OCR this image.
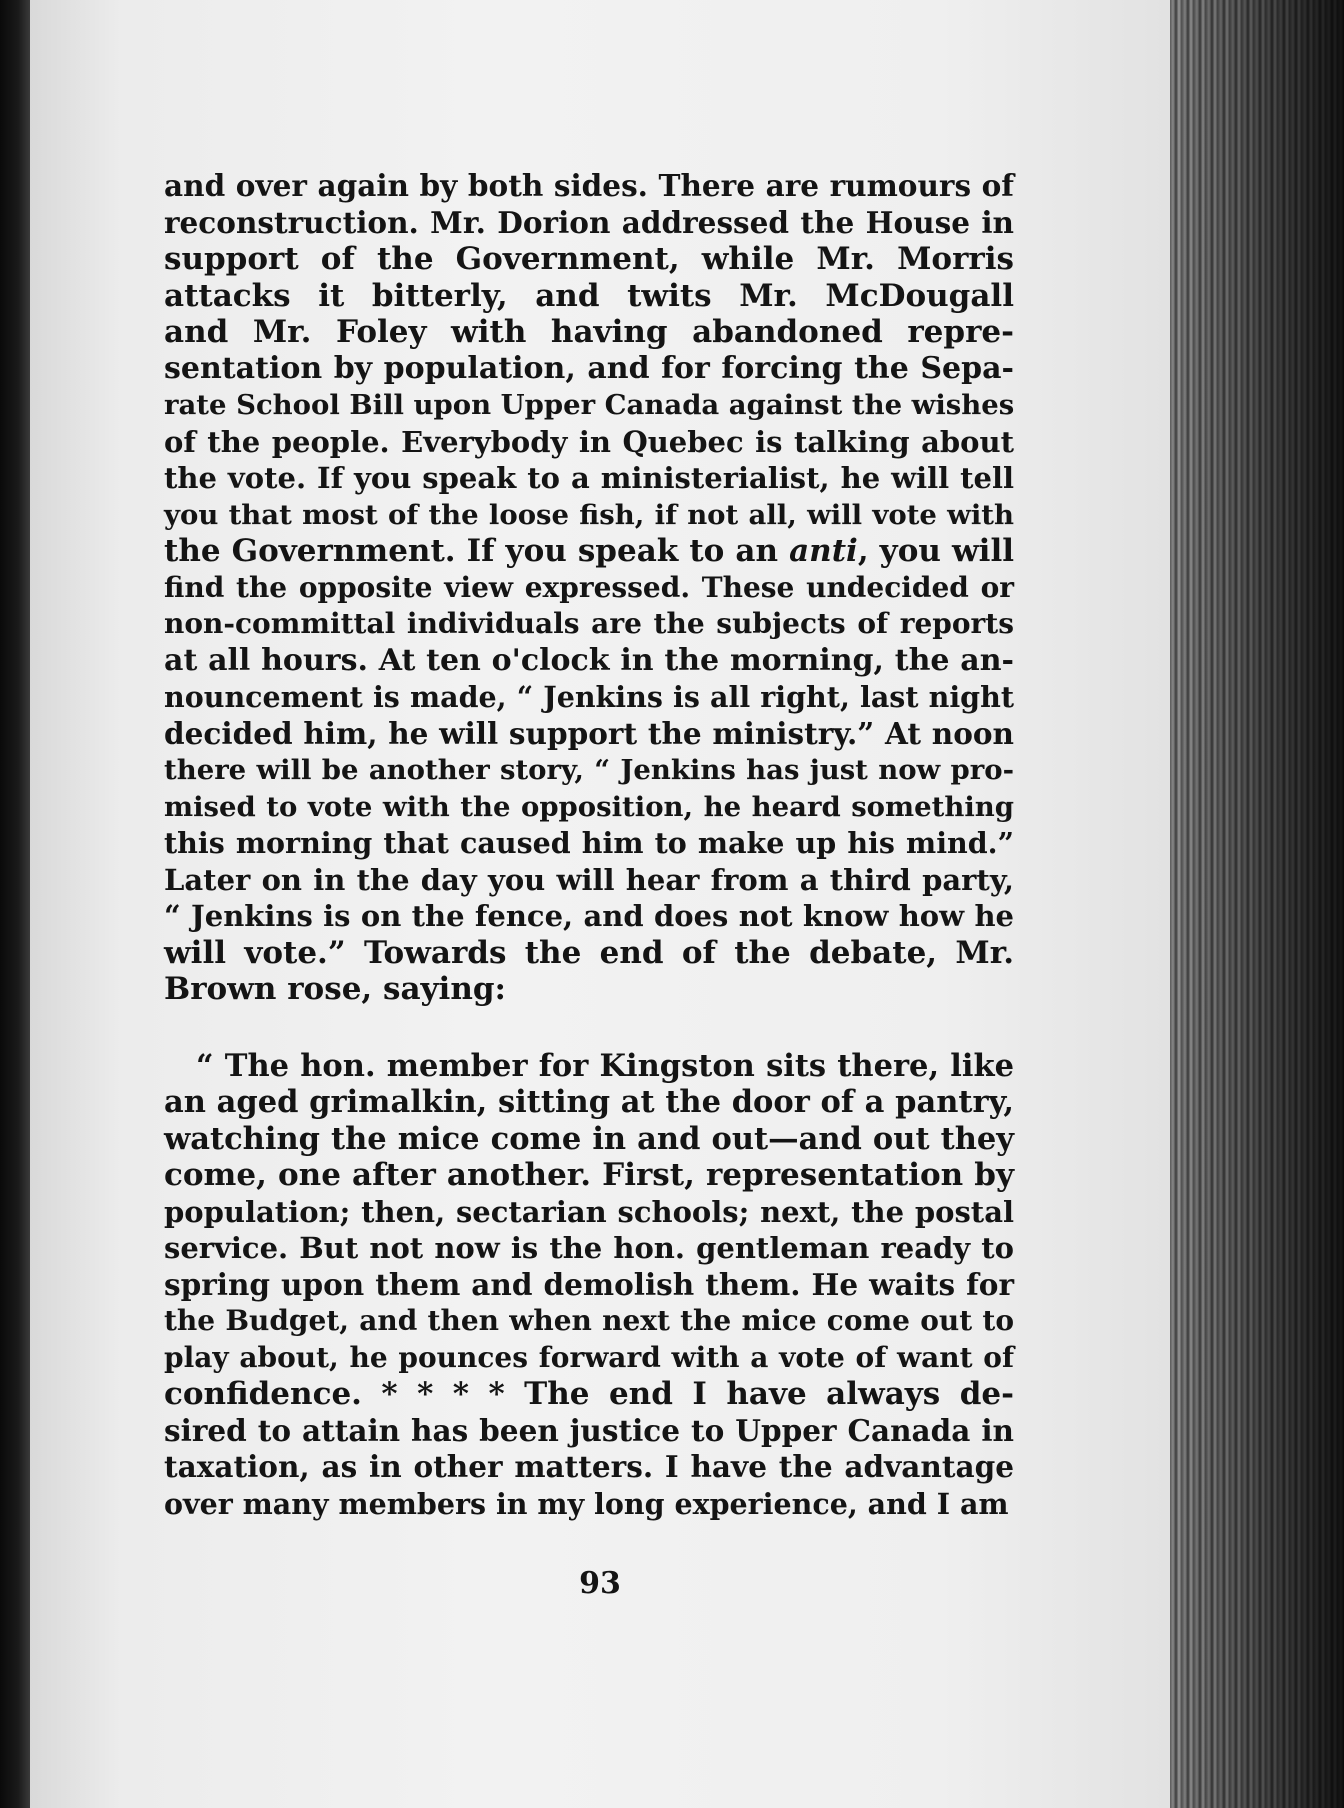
and over again by both sides. There are rumours of
reconstruction. Mr. Dorion addressed the House in
support of the Government, while Mr. Morris
attacks it bitterly, and twits Mr. McDougall
and Mr. Foley with having abandoned repre-
sentation by population, and for forcing the Sepa-
rate School Bill upon Upper Canada against the wishes
of the people. Everybody in Quebec is talking about
the vote. If you speak to a ministerialist, he will tell
you that most of the loose fish, if not all, will vote with
the Government. If you speak to an anti, you will
find the opposite view expressed. These undecided or
non-committal individuals are the subjects of reports
at all hours. At ten o'clock in the morning, the an-
nouncement is made, “ Jenkins is all right, last night
decided him, he will support the ministry.” At noon
there will be another story, “ Jenkins has just now pro-
mised to vote with the opposition, he heard something
this morning that caused him to make up his mind.”
Later on in the day you will hear from a third party,
“ Jenkins is on the fence, and does not know how he
will vote.” Towards the end of the debate, Mr.
Brown rose, saying:
“ The hon. member for Kingston sits there, like
an aged grimalkin, sitting at the door of a pantry,
watching the mice come in and out—and out they
come, one after another. First, representation by
population; then, sectarian schools; next, the postal
service. But not now is the hon. gentleman ready to
spring upon them and demolish them. He waits for
the Budget, and then when next the mice come out to
play about, he pounces forward with a vote of want of
confidence. * * * * The end I have always de-
sired to attain has been justice to Upper Canada in
taxation, as in other matters. I have the advantage
over many members in my long experience, and I am
93
